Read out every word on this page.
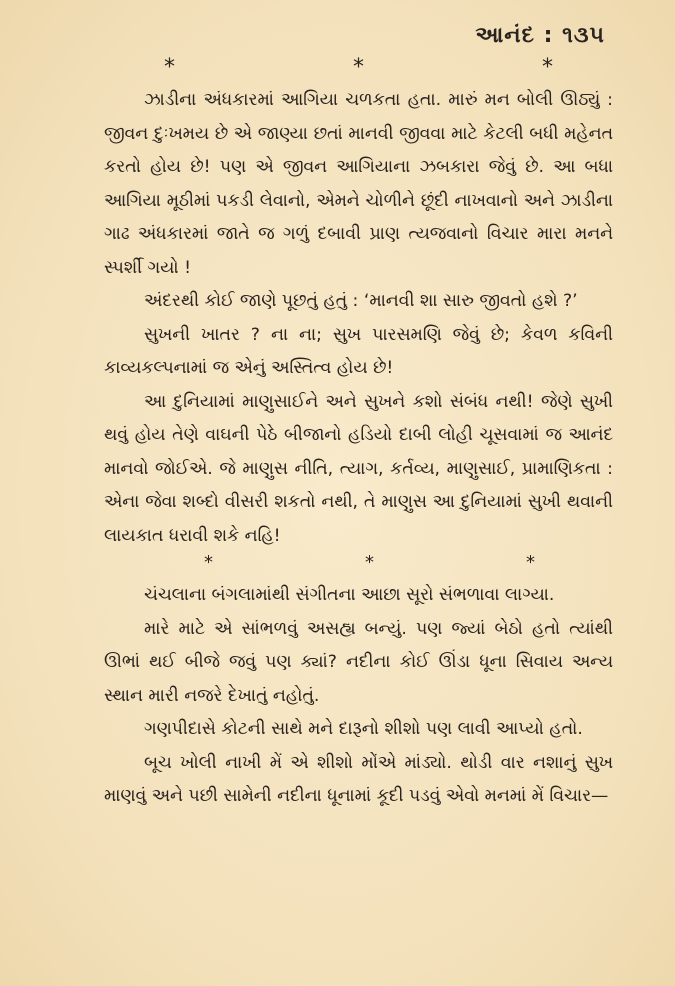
આનંદ : ૧૩૫
*	*	*

ઝાડીના અંધકારમાં આગિયા ચળકતા હતા. મારું મન બોલી ઊઠ્યું : જીવન દુઃખમય છે એ જાણ્યા છતાં માનવી જીવવા માટે કેટલી બધી મહેનત કરતો હોય છે! પણ એ જીવન આગિયાના ઝબકારા જેવું છે. આ બધા આગિયા મૂઠીમાં પકડી લેવાનો, એમને ચોળીને છૂંદી નાખવાનો અને ઝાડીના ગાઢ અંધકારમાં જાતે જ ગળું દબાવી પ્રાણ ત્યજવાનો વિચાર મારા મનને સ્પર્શી ગયો !

અંદરથી કોઈ જાણે પૂછતું હતું : ‘માનવી શા સારુ જીવતો હશે ?’

સુખની ખાતર ? ના ના; સુખ પારસમણિ જેવું છે; કેવળ કવિની કાવ્યકલ્પનામાં જ એનું અસ્તિત્વ હોય છે!

આ દુનિયામાં માણુસાઈને અને સુખને કશો સંબંધ નથી! જેણે સુખી થવું હોય તેણે વાઘની પેઠે બીજાનો હડિયો દાબી લોહી ચૂસવામાં જ આનંદ માનવો જોઈએ. જે માણુસ નીતિ, ત્યાગ, કર્તવ્ય, માણુસાઈ, પ્રામાણિકતા : એના જેવા શબ્દો વીસરી શકતો નથી, તે માણુસ આ દુનિયામાં સુખી થવાની લાયકાત ધરાવી શકે નહિ!

*	*	*

ચંચલાના બંગલામાંથી સંગીતના આછા સૂરો સંભળાવા લાગ્યા.

મારે માટે એ સાંભળવું અસહ્ય બન્યું. પણ જ્યાં બેઠો હતો ત્યાંથી ઊભાં થઈ બીજે જવું પણ ક્યાં? નદીના કોઈ ઊંડા ધૂના સિવાય અન્ય સ્થાન મારી નજરે દેખાતું નહોતું.

ગણપીદાસે કોટની સાથે મને દારૂનો શીશો પણ લાવી આપ્યો હતો.

બૂચ ખોલી નાખી મેં એ શીશો મોંએ માંડ્યો. થોડી વાર નશાનું સુખ માણવું અને પછી સામેની નદીના ધૂનામાં કૂદી પડવું એવો મનમાં મેં વિચાર—
